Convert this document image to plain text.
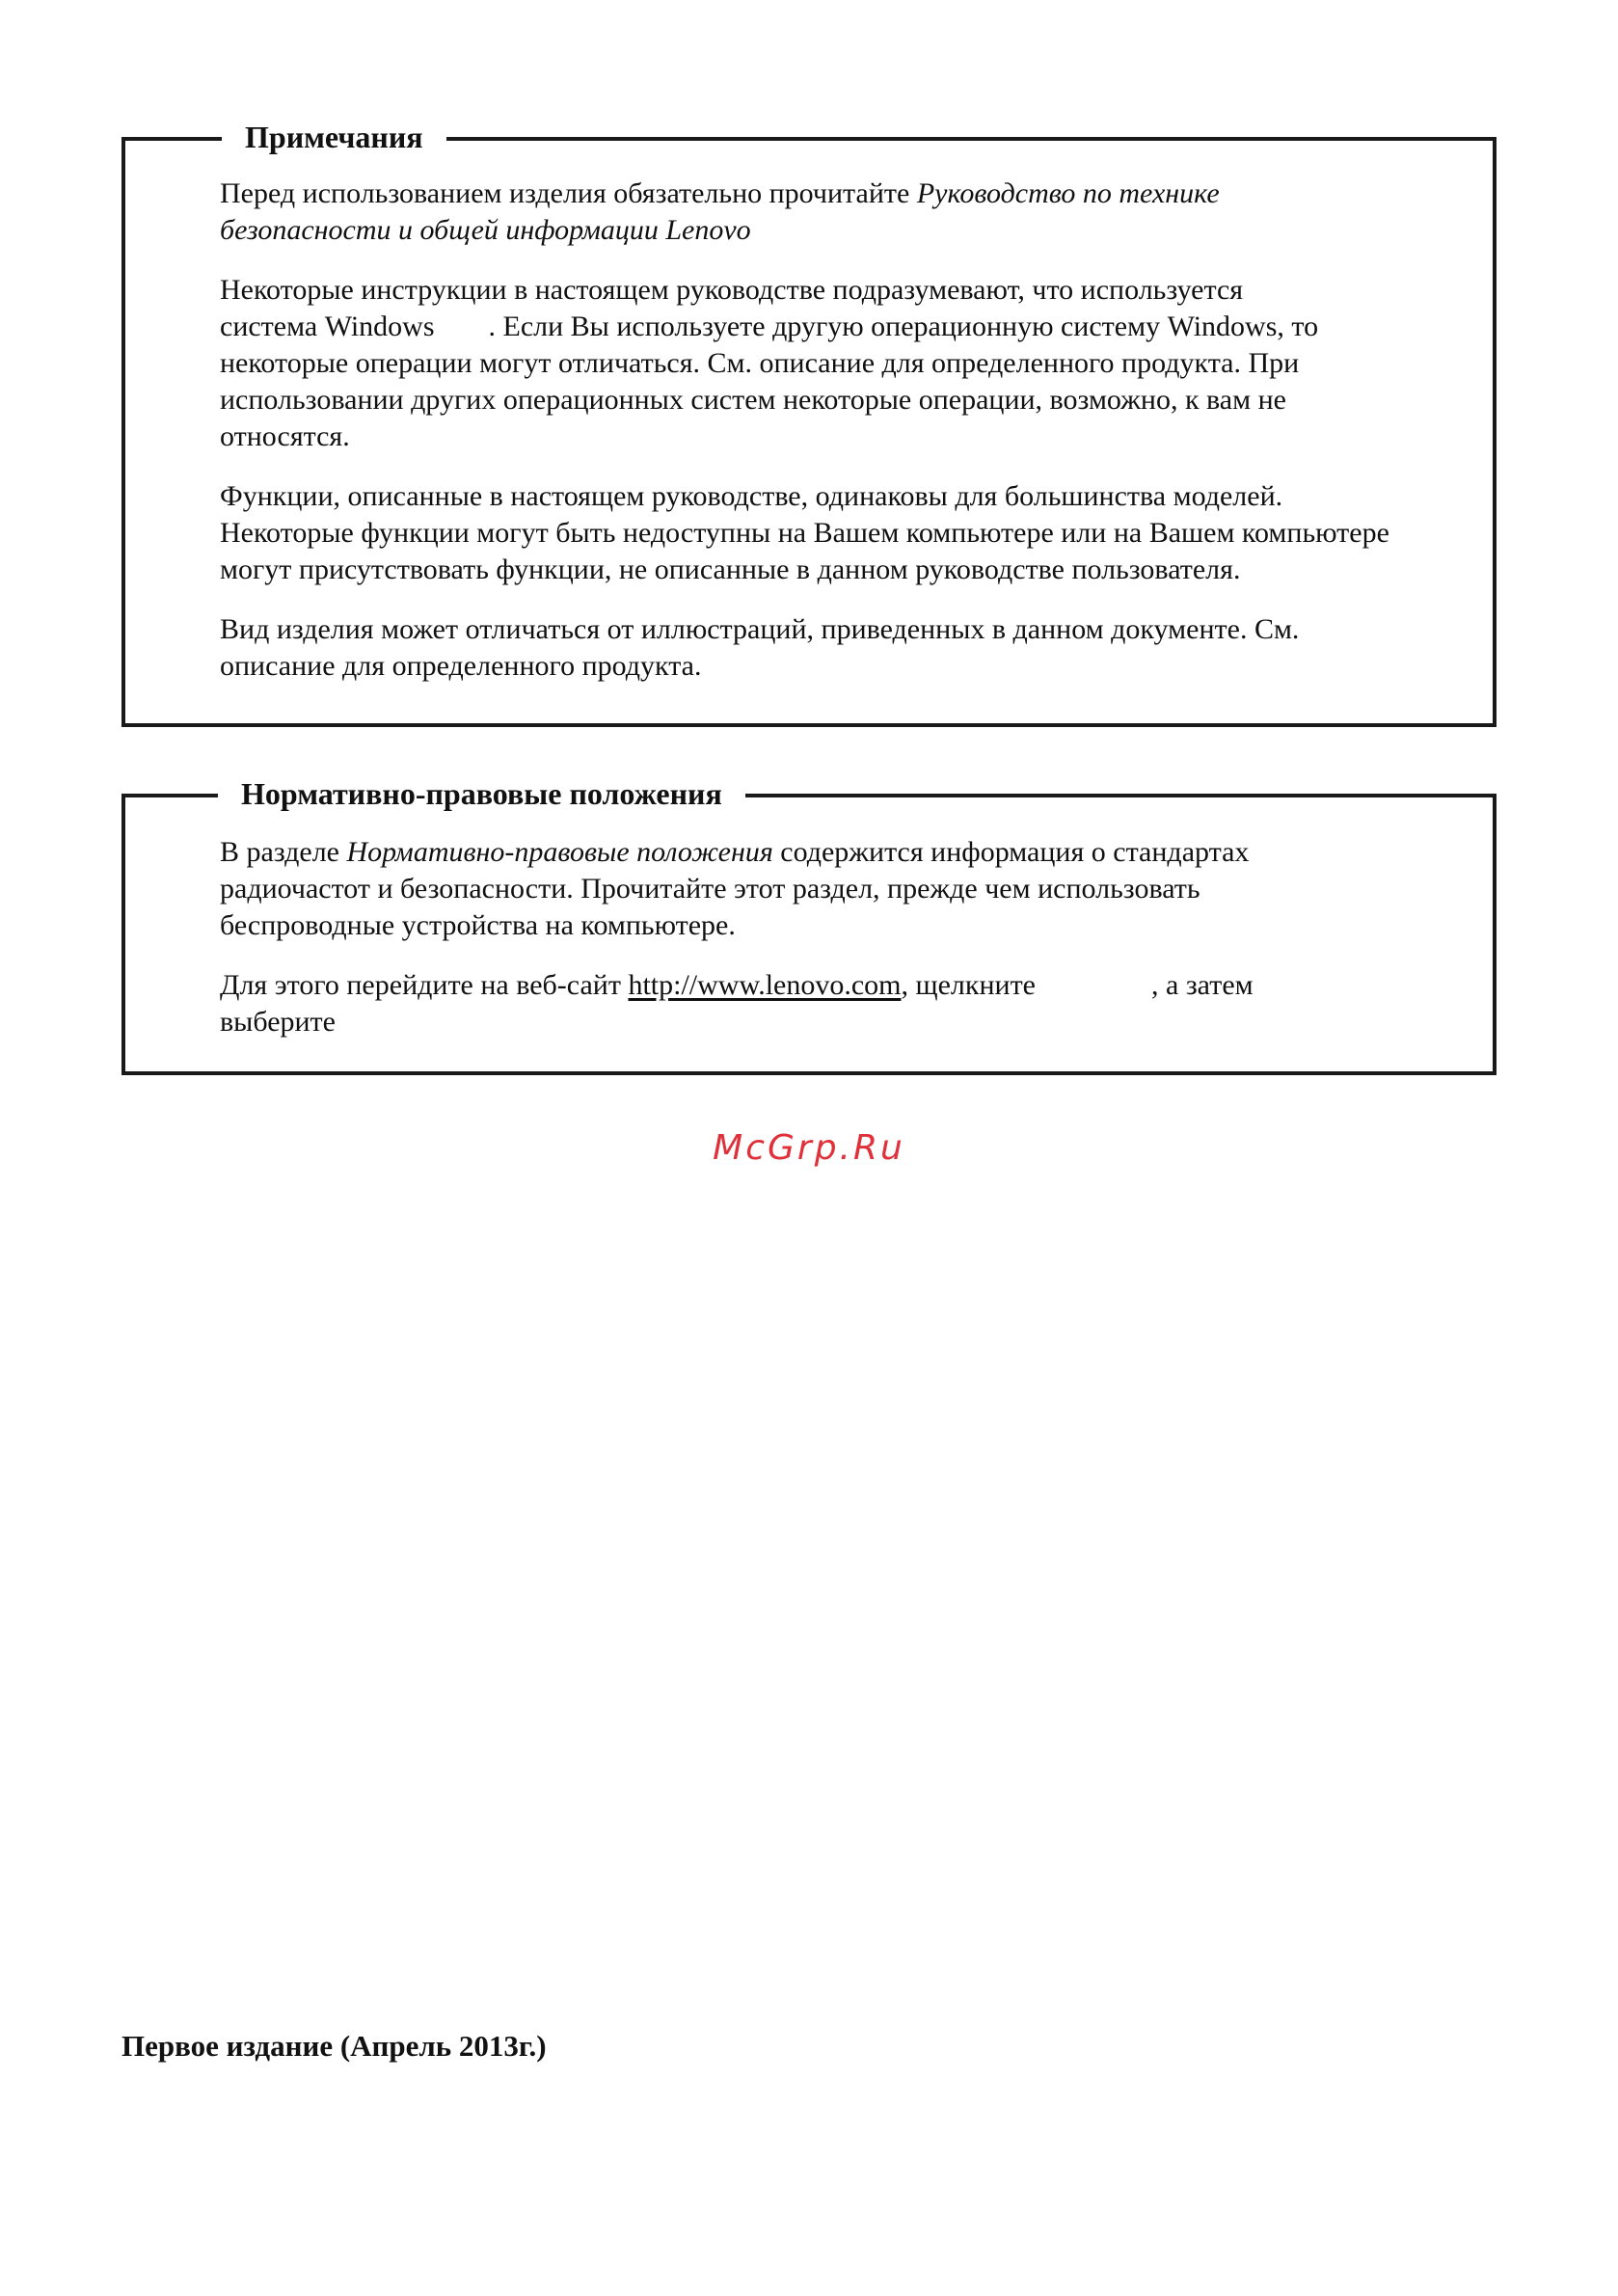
Примечания

Перед использованием изделия обязательно прочитайте Руководство по технике
безопасности и общей информации Lenovo

Некоторые инструкции в настоящем руководстве подразумевают, что используется
система Windows . Если Вы используете другую операционную систему Windows, то
некоторые операции могут отличаться. См. описание для определенного продукта. При
использовании других операционных систем некоторые операции, возможно, к вам не
относятся.

Функции, описанные в настоящем руководстве, одинаковы для большинства моделей.
Некоторые функции могут быть недоступны на Вашем компьютере или на Вашем компьютере
могут присутствовать функции, не описанные в данном руководстве пользователя.

Вид изделия может отличаться от иллюстраций, приведенных в данном документе. См.
описание для определенного продукта.

Нормативно-правовые положения

В разделе Нормативно-правовые положения содержится информация о стандартах
радиочастот и безопасности. Прочитайте этот раздел, прежде чем использовать
беспроводные устройства на компьютере.

Для этого перейдите на веб-сайт http://www.lenovo.com, щелкните	, а затем
выберите

McGrp.Ru
Первое издание (Апрель 2013г.)
